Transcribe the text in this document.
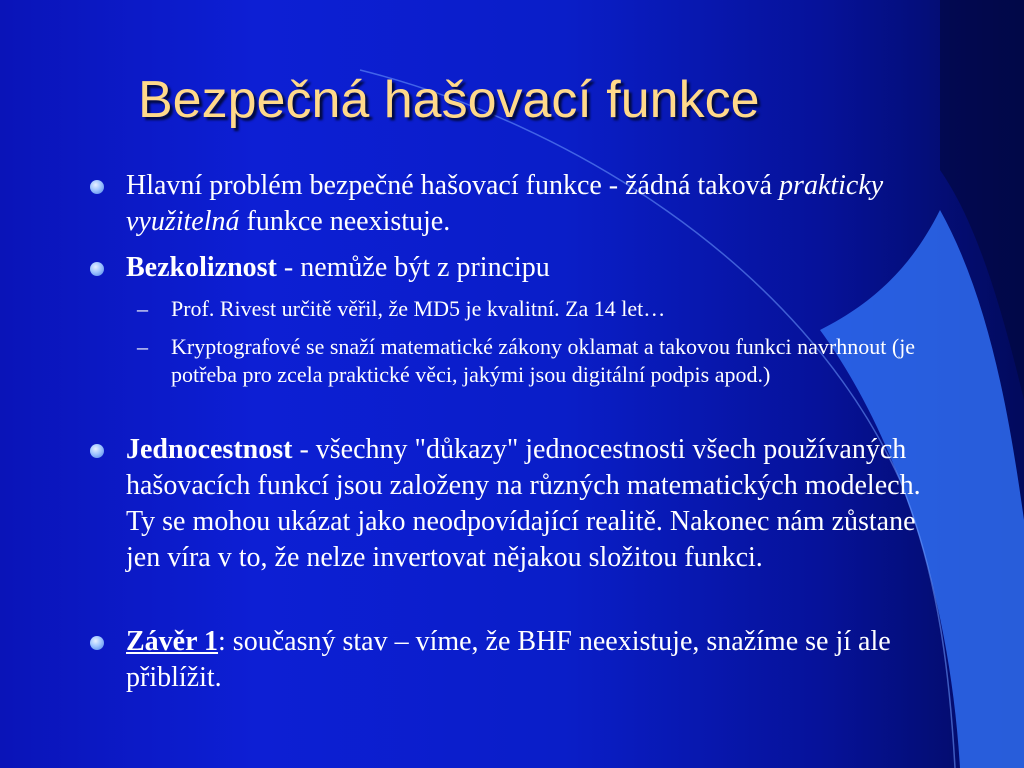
Bezpečná hašovací funkce

Hlavní problém bezpečné hašovací funkce - žádná taková prakticky využitelná funkce neexistuje.

Bezkoliznost - nemůže být z principu

– Prof. Rivest určitě věřil, že MD5 je kvalitní. Za 14 let…

– Kryptografové se snaží matematické zákony oklamat a takovou funkci navrhnout (je potřeba pro zcela praktické věci, jakými jsou digitální podpis apod.)

Jednocestnost - všechny "důkazy" jednocestnosti všech používaných hašovacích funkcí jsou založeny na různých matematických modelech. Ty se mohou ukázat jako neodpovídající realitě. Nakonec nám zůstane jen víra v to, že nelze invertovat nějakou složitou funkci.

Závěr 1: současný stav – víme, že BHF neexistuje, snažíme se jí ale přiblížit.
